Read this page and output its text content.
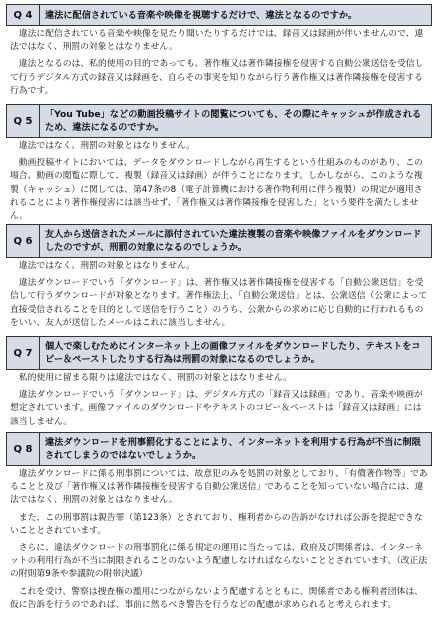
Q 4	違法に配信されている音楽や映像を視聴するだけで、違法となるのですか。

違法に配信されている音楽や映像を見たり聞いたりするだけでは、録音又は録画が伴いませんので、違法ではなく、刑罰の対象とはなりません。

違法となるのは、私的使用の目的であっても、著作権又は著作隣接権を侵害する自動公衆送信を受信して行うデジタル方式の録音又は録画を、自らその事実を知りながら行う著作権又は著作隣接権を侵害する行為です。

Q 5
「You Tube」などの動画投稿サイトの閲覧についても、その際にキャッシュが作成されるため、違法になるのですか。

違法ではなく、刑罰の対象とはなりません。

動画投稿サイトにおいては、データをダウンロードしながら再生するという仕組みのものがあり、この場合、動画の閲覧に際して、複製（録音又は録画）が伴うことになります。しかしながら、このような複製（キャッシュ）に関しては、第47条の8（電子計算機における著作物利用に伴う複製）の規定が適用されることにより著作権侵害には該当せず、「著作権又は著作隣接権を侵害した」という要件を満たしません。

Q 6
友人から送信されたメールに添付されていた違法複製の音楽や映像ファイルをダウンロードしたのですが、刑罰の対象になるのでしょうか。

違法ではなく、刑罰の対象とはなりません。

違法ダウンロードでいう「ダウンロード」は、著作権又は著作隣接権を侵害する「自動公衆送信」を受信して行うダウンロードが対象となります。著作権法上、「自動公衆送信」とは、公衆送信（公衆によって直接受信されることを目的として送信を行うこと）のうち、公衆からの求めに応じ自動的に行われるものをいい、友人が送信したメールはこれに該当しません。

Q 7
個人で楽しむためにインターネット上の画像ファイルをダウンロードしたり、テキストをコピー＆ペーストしたりする行為は刑罰の対象になるのでしょうか。

私的使用に留まる限りは違法ではなく、刑罰の対象とはなりません。

違法ダウンロードでいう「ダウンロード」は、デジタル方式の「録音又は録画」であり、音楽や映画が想定されています。画像ファイルのダウンロードやテキストのコピー＆ペーストは「録音又は録画」には該当しません。

Q 8
違法ダウンロードを刑事罰化することにより、インターネットを利用する行為が不当に制限されてしまうのではないでしょうか。

違法ダウンロードに係る刑事罰については、故意犯のみを処罰の対象としており、「有償著作物等」であることと及び「著作権又は著作隣接権を侵害する自動公衆送信」であることを知っていない場合には、違法ではなく、刑罰の対象とはなりません。

また、この刑事罰は親告罪（第123条）とされており、権利者からの告訴がなければ公訴を提起できないこととされています。

さらに、違法ダウンロードの刑事罰化に係る規定の運用に当たっては、政府及び関係者は、インターネットの利用行為が不当に制限されることのないよう配慮しなければならないこととされています。（改正法の附則第9条や参議院の附帯決議）

これを受け、警察は捜査権の濫用につながらないよう配慮するとともに、関係者である権利者団体は、仮に告訴を行うのであれば、事前に然るべき警告を行うなどの配慮が求められると考えられます。
